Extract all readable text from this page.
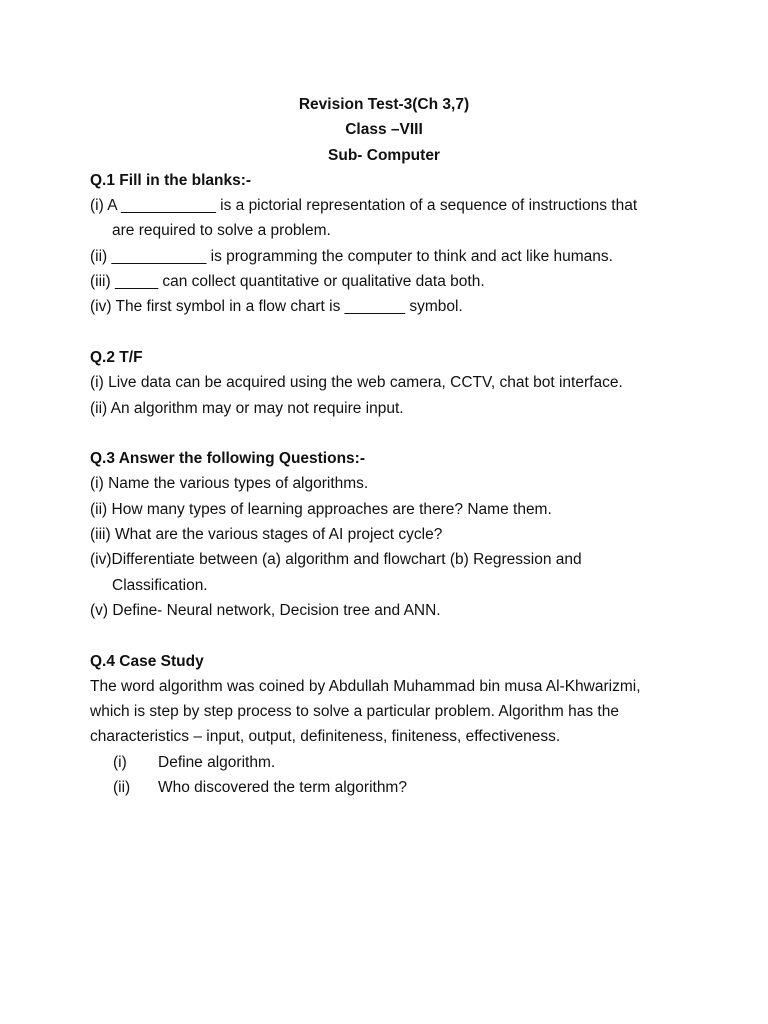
Revision Test-3(Ch 3,7)
Class –VIII
Sub- Computer
Q.1 Fill in the blanks:-
(i) A ___________ is a pictorial representation of a sequence of instructions that
are required to solve a problem.
(ii) ___________ is programming the computer to think and act like humans.
(iii) _____ can collect quantitative or qualitative data both.
(iv) The first symbol in a flow chart is _______ symbol.
Q.2 T/F
(i) Live data can be acquired using the web camera, CCTV, chat bot interface.
(ii) An algorithm may or may not require input.
Q.3 Answer the following Questions:-
(i) Name the various types of algorithms.
(ii) How many types of learning approaches are there? Name them.
(iii) What are the various stages of AI project cycle?
(iv)Differentiate between (a) algorithm and flowchart (b) Regression and
Classification.
(v) Define- Neural network, Decision tree and ANN.
Q.4 Case Study
The word algorithm was coined by Abdullah Muhammad bin musa Al-Khwarizmi,
which is step by step process to solve a particular problem. Algorithm has the
characteristics – input, output, definiteness, finiteness, effectiveness.
(i)	Define algorithm.
(ii)	Who discovered the term algorithm?
